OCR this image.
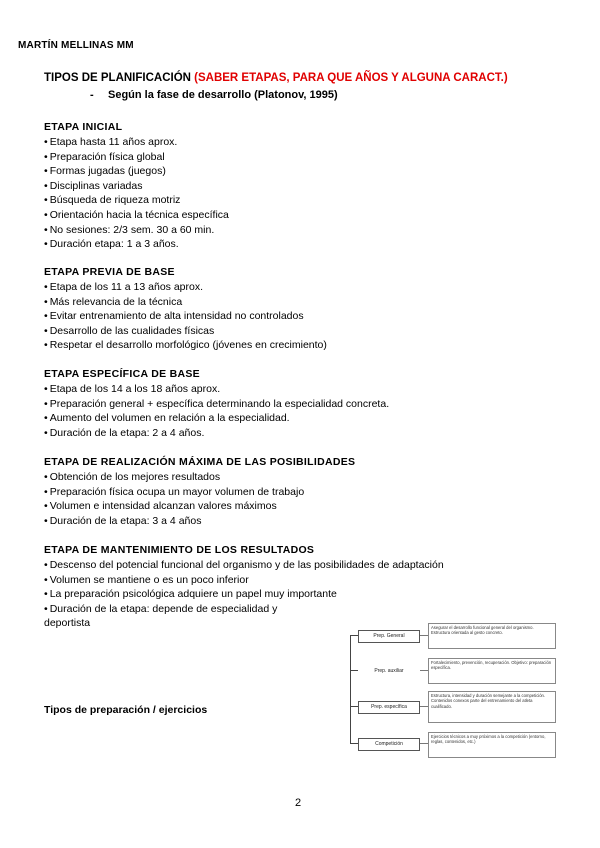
MARTÍN MELLINAS MM
TIPOS DE PLANIFICACIÓN (SABER ETAPAS, PARA QUE AÑOS Y ALGUNA CARACT.)
- Según la fase de desarrollo (Platonov, 1995)
ETAPA INICIAL
• Etapa hasta 11 años aprox.
• Preparación física global
• Formas jugadas (juegos)
• Disciplinas variadas
• Búsqueda de riqueza motriz
• Orientación hacia la técnica específica
• No sesiones: 2/3 sem. 30 a 60 min.
• Duración etapa: 1 a 3 años.
ETAPA PREVIA DE BASE
• Etapa de los 11 a 13 años aprox.
• Más relevancia de la técnica
• Evitar entrenamiento de alta intensidad no controlados
• Desarrollo de las cualidades físicas
• Respetar el desarrollo morfológico (jóvenes en crecimiento)
ETAPA ESPECÍFICA DE BASE
• Etapa de los 14 a los 18 años aprox.
• Preparación general + específica determinando la especialidad concreta.
• Aumento del volumen en relación a la especialidad.
• Duración de la etapa: 2 a 4 años.
ETAPA DE REALIZACIÓN MÁXIMA DE LAS POSIBILIDADES
• Obtención de los mejores resultados
• Preparación física ocupa un mayor volumen de trabajo
• Volumen e intensidad alcanzan valores máximos
• Duración de la etapa: 3 a 4 años
ETAPA DE MANTENIMIENTO DE LOS RESULTADOS
• Descenso del potencial funcional del organismo y de las posibilidades de adaptación
• Volumen se mantiene o es un poco inferior
• La preparación psicológica adquiere un papel muy importante
• Duración de la etapa: depende de especialidad y
deportista
Tipos de preparación / ejercicios
Prep. General
Asegurar el desarrollo funcional general del organismo. Estructura orientada al gesto concreto.
Prep. auxiliar
Fortalecimiento, prevención, recuperación. Objetivo: preparación específica.
Prep. específica
Estructura, intensidad y duración semejante a la competición. Contenidos conexos parte del entrenamiento del atleta cualificado.
Competición
Ejercicios técnicos a muy próximos a la competición (entorno, reglas, contenidos, etc.)
2
